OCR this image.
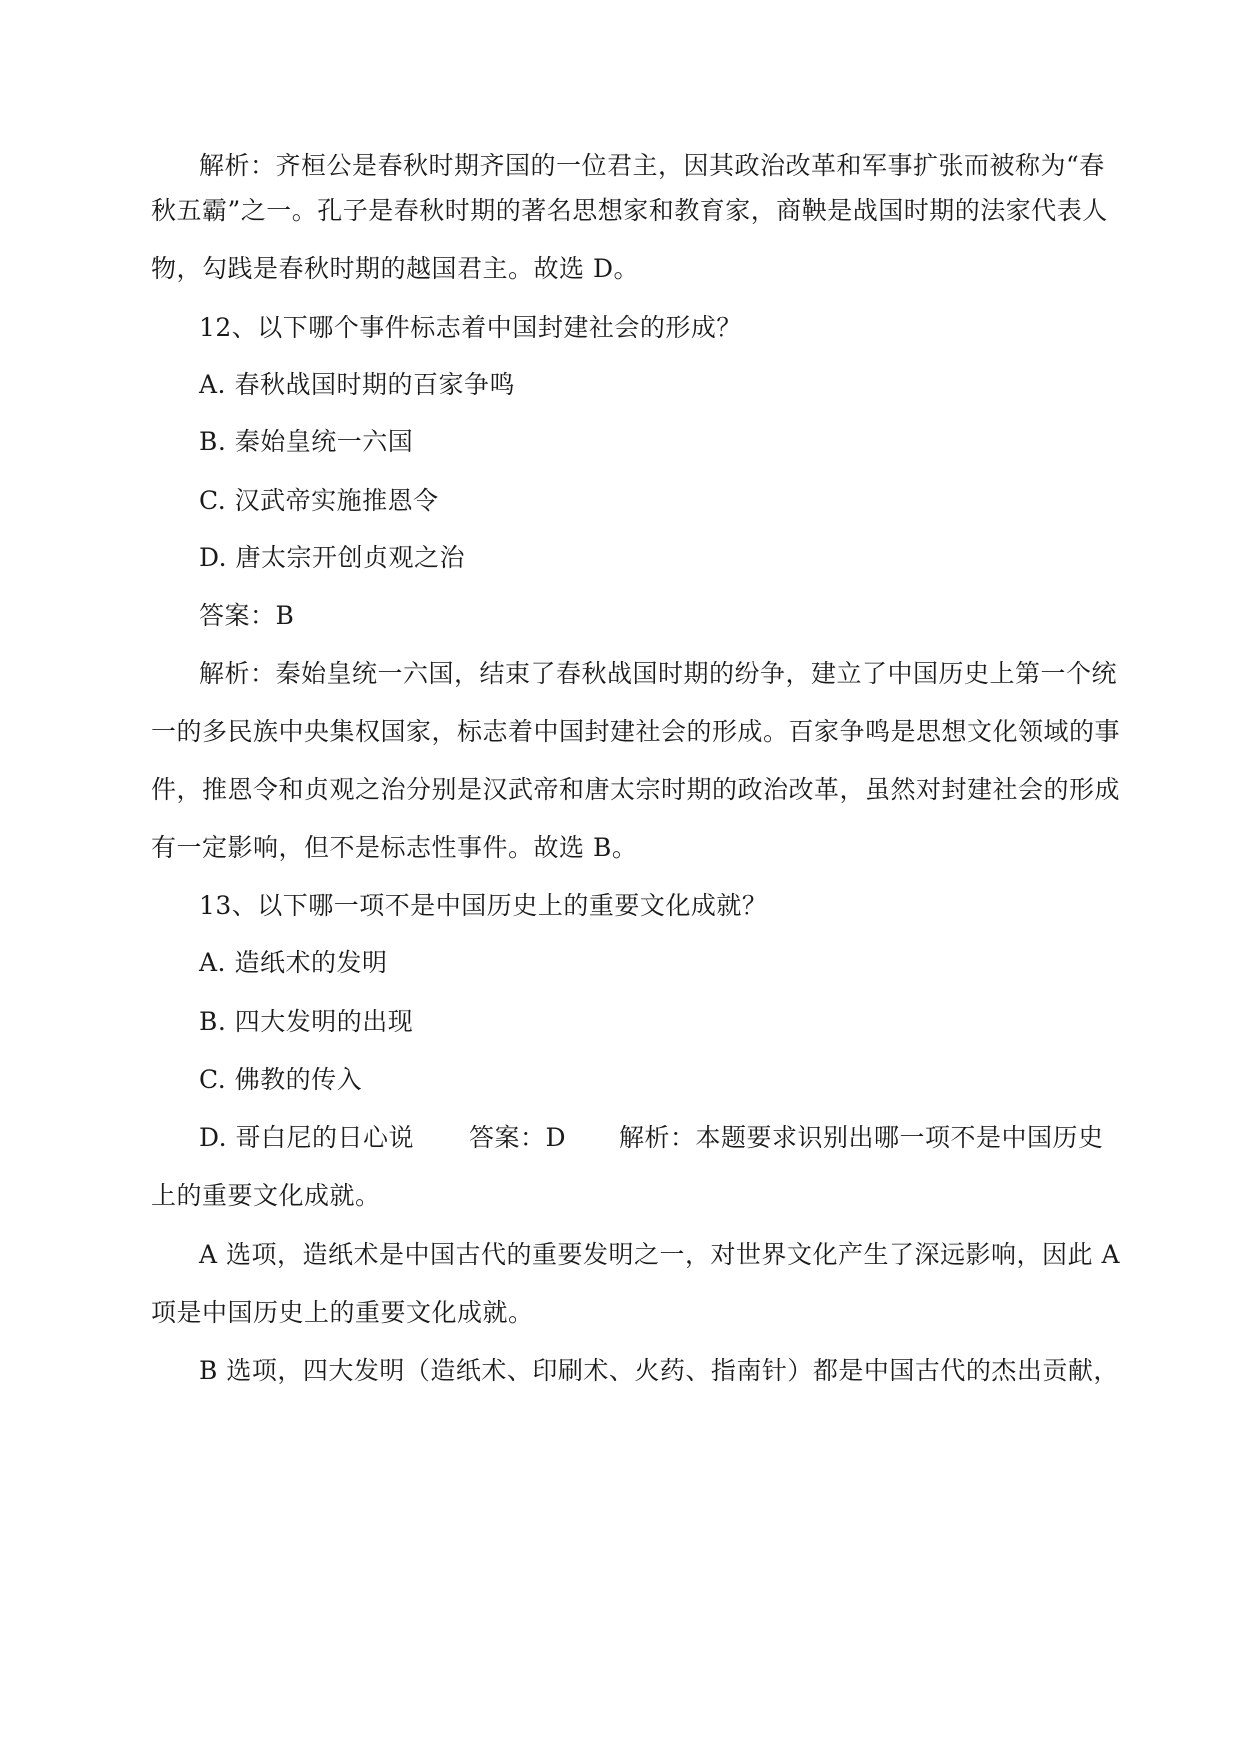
解析：齐桓公是春秋时期齐国的一位君主，因其政治改革和军事扩张而被称为“春
秋五霸”之一。孔子是春秋时期的著名思想家和教育家，商鞅是战国时期的法家代表人
物，勾践是春秋时期的越国君主。故选 D。
12、以下哪个事件标志着中国封建社会的形成？
A. 春秋战国时期的百家争鸣
B. 秦始皇统一六国
C. 汉武帝实施推恩令
D. 唐太宗开创贞观之治
答案：B
解析：秦始皇统一六国，结束了春秋战国时期的纷争，建立了中国历史上第一个统
一的多民族中央集权国家，标志着中国封建社会的形成。百家争鸣是思想文化领域的事
件，推恩令和贞观之治分别是汉武帝和唐太宗时期的政治改革，虽然对封建社会的形成
有一定影响，但不是标志性事件。故选 B。
13、以下哪一项不是中国历史上的重要文化成就？
A. 造纸术的发明
B. 四大发明的出现
C. 佛教的传入
D. 哥白尼的日心说 答案：D 解析：本题要求识别出哪一项不是中国历史
上的重要文化成就。
A 选项，造纸术是中国古代的重要发明之一，对世界文化产生了深远影响，因此 A
项是中国历史上的重要文化成就。
B 选项，四大发明（造纸术、印刷术、火药、指南针）都是中国古代的杰出贡献，
